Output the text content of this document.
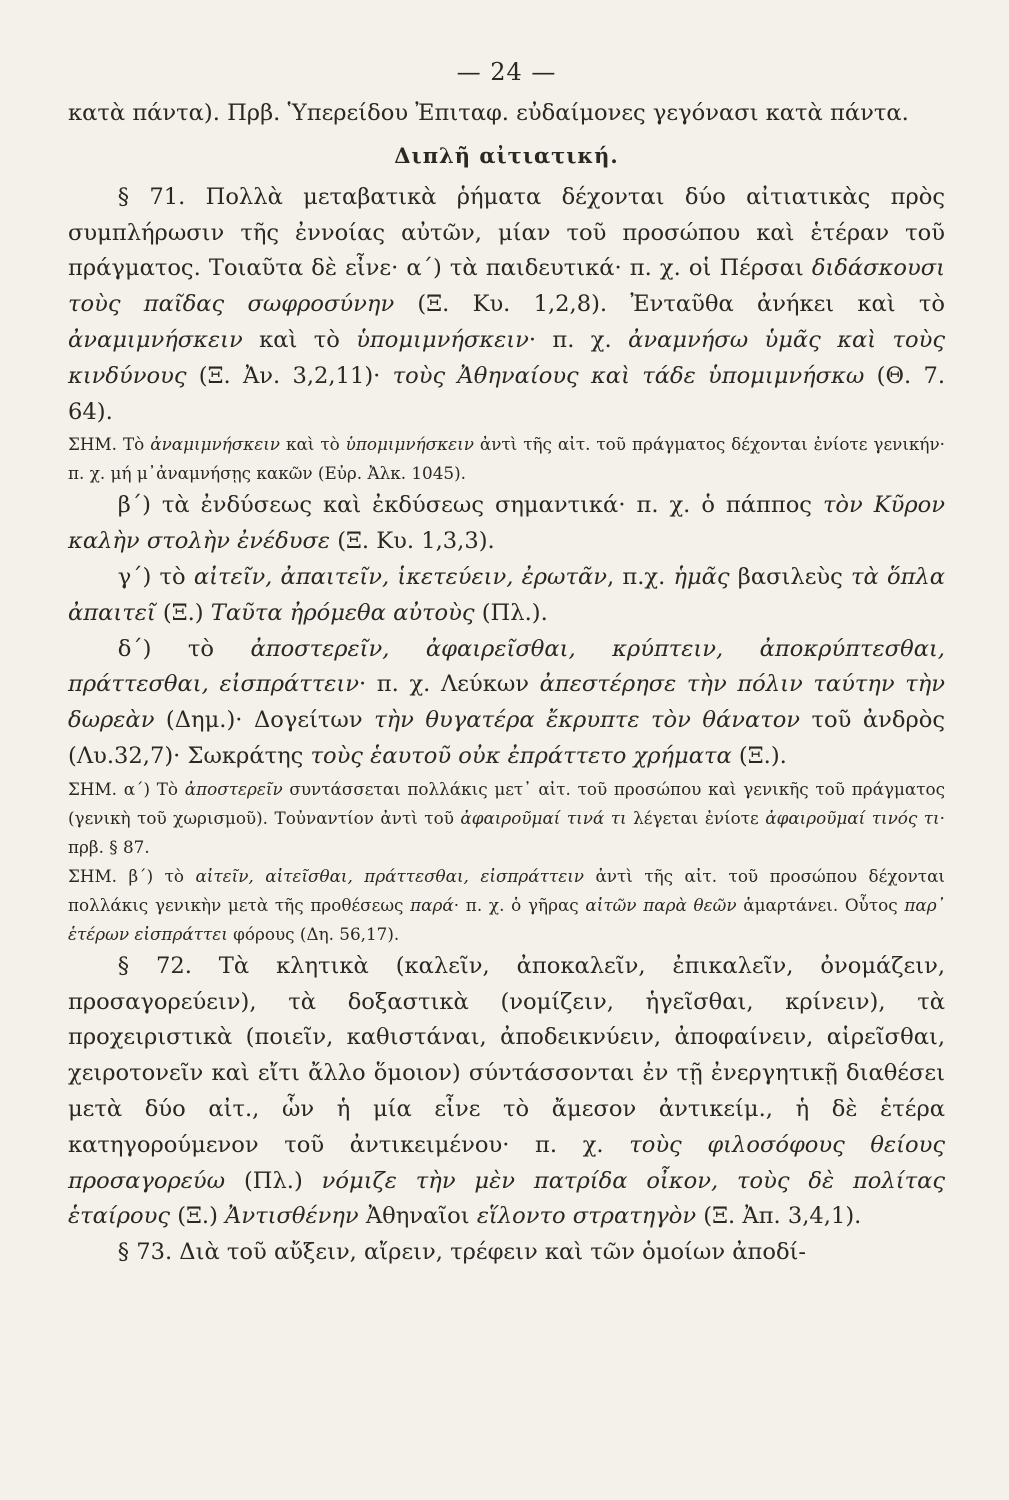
— 24 —

κατὰ πάντα). Πρβ. Ὑπερείδου Ἐπιταφ. εὐδαίμονες γεγόνασι κατὰ πάντα.

Διπλῆ αἰτιατική.

§ 71. Πολλὰ μεταβατικὰ ῥήματα δέχονται δύο αἰτιατικὰς πρὸς συμπλήρωσιν τῆς ἐννοίας αὐτῶν, μίαν τοῦ προσώπου καὶ ἑτέραν τοῦ πράγματος. Τοιαῦτα δὲ εἶνε· α΄) τὰ παιδευτικά· π. χ. οἱ Πέρσαι διδάσκουσι τοὺς παῖδας σωφροσύνην (Ξ. Κυ. 1,2,8). Ἐνταῦθα ἀνήκει καὶ τὸ ἀναμιμνήσκειν καὶ τὸ ὑπομιμνήσκειν· π. χ. ἀναμνήσω ὑμᾶς καὶ τοὺς κινδύνους (Ξ. Ἀν. 3,2,11)· τοὺς Ἀθηναίους καὶ τάδε ὑπομιμνήσκω (Θ. 7. 64).

ΣΗΜ. Τὸ ἀναμιμνήσκειν καὶ τὸ ὑπομιμνήσκειν ἀντὶ τῆς αἰτ. τοῦ πράγματος δέχονται ἐνίοτε γενικήν· π. χ. μή μ᾽ἀναμνήσῃς κακῶν (Εὐρ. Ἀλκ. 1045).

β΄) τὰ ἐνδύσεως καὶ ἐκδύσεως σημαντικά· π. χ. ὁ πάππος τὸν Κῦρον καλὴν στολὴν ἐνέδυσε (Ξ. Κυ. 1,3,3).

γ΄) τὸ αἰτεῖν, ἀπαιτεῖν, ἱκετεύειν, ἐρωτᾶν, π.χ. ἡμᾶς βασιλεὺς τὰ ὅπλα ἀπαιτεῖ (Ξ.) Ταῦτα ἠρόμεθα αὐτοὺς (Πλ.).

δ΄) τὸ ἀποστερεῖν, ἀφαιρεῖσθαι, κρύπτειν, ἀποκρύπτεσθαι, πράττεσθαι, εἰσπράττειν· π. χ. Λεύκων ἀπεστέρησε τὴν πόλιν ταύτην τὴν δωρεὰν (Δημ.)· Δογείτων τὴν θυγατέρα ἔκρυπτε τὸν θάνατον τοῦ ἀνδρὸς (Λυ.32,7)· Σωκράτης τοὺς ἑαυτοῦ οὐκ ἐπράττετο χρήματα (Ξ.).

ΣΗΜ. α΄) Τὸ ἀποστερεῖν συντάσσεται πολλάκις μετ᾽ αἰτ. τοῦ προσώπου καὶ γενικῆς τοῦ πράγματος (γενικὴ τοῦ χωρισμοῦ). Τοὐναντίον ἀντὶ τοῦ ἀφαιροῦμαί τινά τι λέγεται ἐνίοτε ἀφαιροῦμαί τινός τι· πρβ. § 87.

ΣΗΜ. β΄) τὸ αἰτεῖν, αἰτεῖσθαι, πράττεσθαι, εἰσπράττειν ἀντὶ τῆς αἰτ. τοῦ προσώπου δέχονται πολλάκις γενικὴν μετὰ τῆς προθέσεως παρά· π. χ. ὁ γῆρας αἰτῶν παρὰ θεῶν ἁμαρτάνει. Οὗτος παρ᾽ ἑτέρων εἰσπράττει φόρους (Δη. 56,17).

§ 72. Τὰ κλητικὰ (καλεῖν, ἀποκαλεῖν, ἐπικαλεῖν, ὀνομάζειν, προσαγορεύειν), τὰ δοξαστικὰ (νομίζειν, ἡγεῖσθαι, κρίνειν), τὰ προχειριστικὰ (ποιεῖν, καθιστάναι, ἀποδεικνύειν, ἀποφαίνειν, αἱρεῖσθαι, χειροτονεῖν καὶ εἴτι ἄλλο ὅμοιον) σύντάσσονται ἐν τῇ ἐνεργητικῇ διαθέσει μετὰ δύο αἰτ., ὧν ἡ μία εἶνε τὸ ἄμεσον ἀντικείμ., ἡ δὲ ἑτέρα κατηγορούμενον τοῦ ἀντικειμένου· π. χ. τοὺς φιλοσόφους θείους προσαγορεύω (Πλ.) νόμιζε τὴν μὲν πατρίδα οἶκον, τοὺς δὲ πολίτας ἑταίρους (Ξ.) Ἀντισθένην Ἀθηναῖοι εἵλοντο στρατηγὸν (Ξ. Ἀπ. 3,4,1).

§ 73. Διὰ τοῦ αὔξειν, αἴρειν, τρέφειν καὶ τῶν ὁμοίων ἀποδί-
